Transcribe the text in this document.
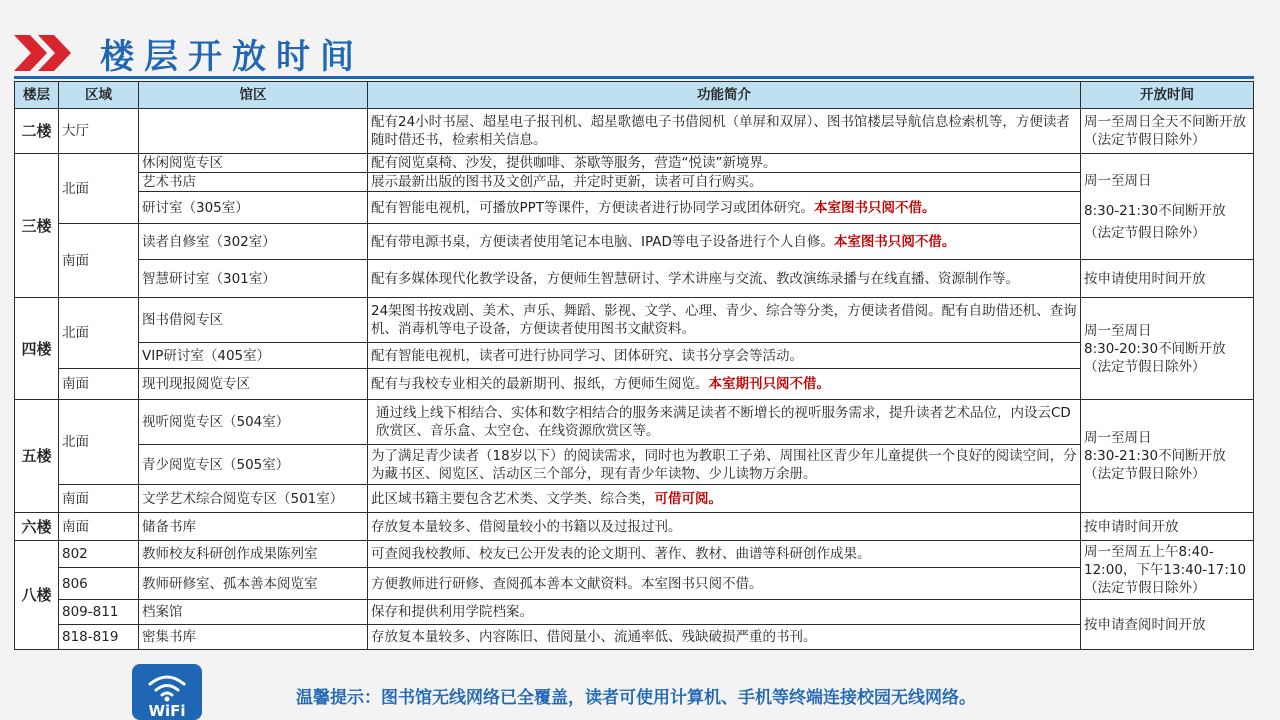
楼层开放时间
楼层	区域	馆区	功能简介	开放时间
二楼	大厅		配有24小时书屋、超星电子报刊机、超星歌德电子书借阅机（单屏和双屏）、图书馆楼层导航信息检索机等，方便读者随时借还书，检索相关信息。	周一至周日全天不间断开放（法定节假日除外）
三楼	北面	休闲阅览专区	配有阅览桌椅、沙发，提供咖啡、茶歇等服务，营造“悦读”新境界。	周一至周日
8:30-21:30不间断开放
（法定节假日除外）

		艺术书店	展示最新出版的图书及文创产品，并定时更新，读者可自行购买。	
		研讨室（305室）	配有智能电视机，可播放PPT等课件，方便读者进行协同学习或团体研究。本室图书只阅不借。	
	南面	读者自修室（302室）	配有带电源书桌，方便读者使用笔记本电脑、IPAD等电子设备进行个人自修。本室图书只阅不借。	
		智慧研讨室（301室）	配有多媒体现代化教学设备，方便师生智慧研讨、学术讲座与交流、教改演练录播与在线直播、资源制作等。	按申请使用时间开放
四楼	北面	图书借阅专区	24架图书按戏剧、美术、声乐、舞蹈、影视、文学、心理、青少、综合等分类，方便读者借阅。配有自助借还机、查询机、消毒机等电子设备，方便读者使用图书文献资料。	周一至周日
8:30-20:30不间断开放
（法定节假日除外）

		VIP研讨室（405室）	配有智能电视机，读者可进行协同学习、团体研究、读书分享会等活动。	
	南面	现刊现报阅览专区	配有与我校专业相关的最新期刊、报纸，方便师生阅览。本室期刊只阅不借。	
五楼	北面	视听阅览专区（504室）	通过线上线下相结合、实体和数字相结合的服务来满足读者不断增长的视听服务需求，提升读者艺术品位，内设云CD欣赏区、音乐盒、太空仓、在线资源欣赏区等。	周一至周日
8:30-21:30不间断开放
（法定节假日除外）

		青少阅览专区（505室）	为了满足青少读者（18岁以下）的阅读需求，同时也为教职工子弟、周围社区青少年儿童提供一个良好的阅读空间，分为藏书区、阅览区、活动区三个部分，现有青少年读物、少儿读物万余册。	
	南面	文学艺术综合阅览专区（501室）	此区域书籍主要包含艺术类、文学类、综合类，可借可阅。	
六楼	南面	储备书库	存放复本量较多、借阅量较小的书籍以及过报过刊。	按申请时间开放
八楼	802	教师校友科研创作成果陈列室	可查阅我校教师、校友已公开发表的论文期刊、著作、教材、曲谱等科研创作成果。	周一至周五上午8:40-12:00，下午13:40-17:10
（法定节假日除外）

	806	教师研修室、孤本善本阅览室	方便教师进行研修、查阅孤本善本文献资料。本室图书只阅不借。	
	809-811	档案馆	保存和提供利用学院档案。	按申请查阅时间开放
	818-819	密集书库	存放复本量较多、内容陈旧、借阅量小、流通率低、残缺破损严重的书刊。	
WiFi
温馨提示：图书馆无线网络已全覆盖，读者可使用计算机、手机等终端连接校园无线网络。
